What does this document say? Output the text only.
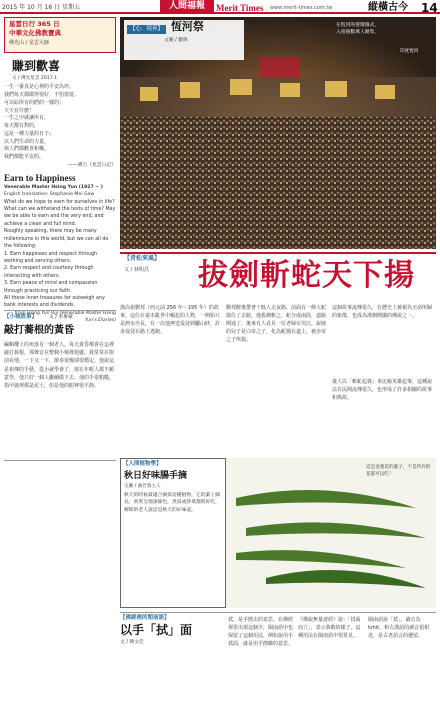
2015 年 10 月 16 日 星期五	人間福報	Merit Times www.merit-times.com.tw	縱橫古今 14
星雲日行 365 日
中華文化佛教寶典
佛光山 / 星雲大師
賺到歡喜
文 / 佛光星雲 2017-1
一生一番真是心裡的平安為珍。
我們每天都做得很好，不怕當遊。
可以給所有的們的一樣的；
天天有什麼！
一生之中就讓所有，
每天都有對的，
這是一種力量的日子；
以人們生命的力量，
與人們都歡喜和樂，
我們都能平安的。
——選自《星雲日記》
Earn to Happiness
Venerable Master Hsing Yun (1927 ~ )
English translation: Stephanie Mei Gaw
What do we hope to earn for ourselves in life? What can we withstand the tests of time? May we be able to earn and the very end, and achieve a clean and full mind.
Roughly speaking, there may be many millenniums in this world, but we can all do the following:
1. Earn happiness and respect through working and serving others.
2. Earn respect and courtesy through interacting with others.
3. Earn peace of mind and compassion through practicing our faith.
All these inner treasures far outweigh any bank interests and dividends.
— from Hsing Yun Riji (Venerable Master Hsing Yun's Diaries)
【心．境界】 恆河祭
文圖 / 劉偉
在恆河的聖壇儀式，
入夜後數萬人聚集，
印度恆河
【青松來風】
文 / 林明昌	拔劍斬蛇天下揚
漢高祖劉邦（西元前 256 年～195 年）的故事，這位在秦末亂世中崛起的人物，一開始只是泗水亭長，有一次他押送役徒到驪山時，許多役徒在路上逃跑。
劉邦醉後帶著十餘人走夜路，前面有一條大蛇擋住了去路，他拔劍斬之，蛇分成兩段，道路開通了，後來有人看見一位老婦在哭泣，說她的兒子是白帝之子，化為蛇擋在道上，被赤帝之子所殺。
這個故事流傳很久，在歷史上被視為天命所歸的象徵，也成為漢朝開國的傳說之一。
後人以「斬蛇起義」來比喻英雄起事，這種說法在民間流傳很久，也形成了許多相關的故事和典故。
【小城故事】 文 / 李麥蒙
敲打蕎根的黃昏
編輯樓上的角落有一個老人，每天黃昏都會在這裡敲打蕎根，那聲音在整個小城裡迴盪。我常常在窗前看他，一下又一下，節奏很慢卻很穩定。他說這是祖傳的手藝，從小就學會了，現在年輕人都不願意學，他只好一個人繼續做下去。他的手很粗糙，指甲縫裡都是泥土，但是他的眼神很平靜。
【人間植物學】
秋日好味腸手摘
文圖 / 曲若蓉主人
秋天的時候最適合摘採這種植物，它的葉子細長，果莢呈現深綠色，煮湯或炒菜都很好吃，鄉間的老人說這是秋天的好味道。
這是金蓮花的葉子，不是所有的花都可以吃！
【佛經裡的閒南語】
以手「拭」面
文 / 陳文佳
拭，是手擦去的意思，在佛經裡常出現這個字，閩南語中也保留了這個用法，例如說用手拭面，就是用手擦臉的意思。
《佛說無量壽經》說：「拭面而立」，表示恭敬的樣子，這種用法在閩南語中很常見。
閩南語說「拭」，讀音為 tshit，和古漢語的讀音很相近，是古老語言的遺留。
